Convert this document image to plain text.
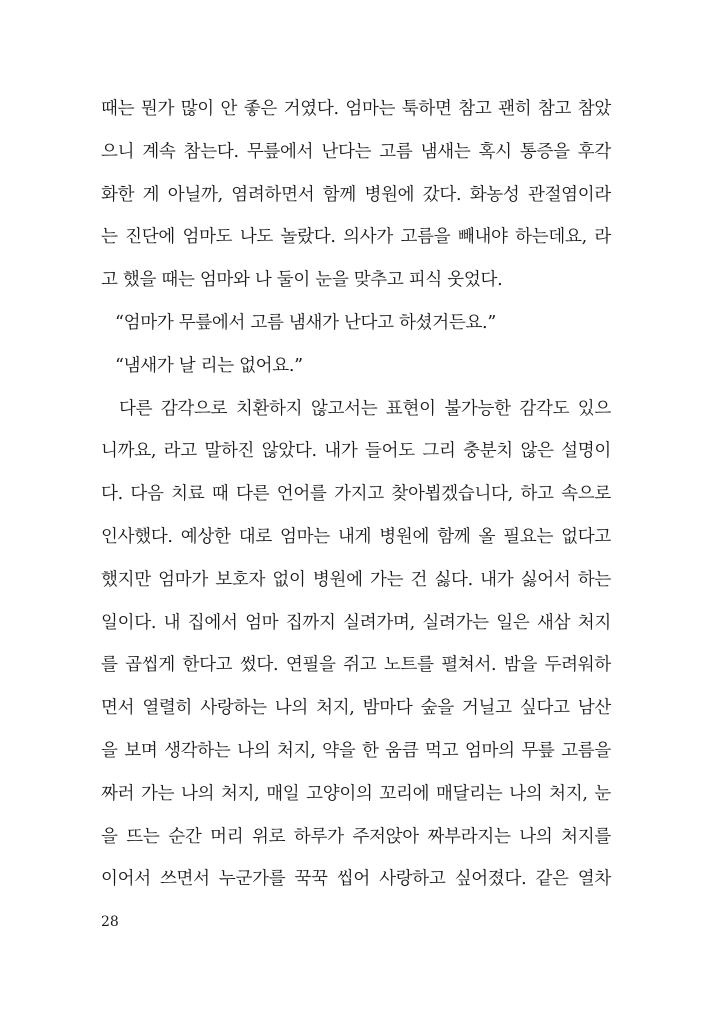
때는 뭔가 많이 안 좋은 거였다. 엄마는 툭하면 참고 괜히 참고 참았
으니 계속 참는다. 무릎에서 난다는 고름 냄새는 혹시 통증을 후각
화한 게 아닐까, 염려하면서 함께 병원에 갔다. 화농성 관절염이라
는 진단에 엄마도 나도 놀랐다. 의사가 고름을 빼내야 하는데요, 라
고 했을 때는 엄마와 나 둘이 눈을 맞추고 피식 웃었다.
“엄마가 무릎에서 고름 냄새가 난다고 하셨거든요.”
“냄새가 날 리는 없어요.”
다른 감각으로 치환하지 않고서는 표현이 불가능한 감각도 있으
니까요, 라고 말하진 않았다. 내가 들어도 그리 충분치 않은 설명이
다. 다음 치료 때 다른 언어를 가지고 찾아뵙겠습니다, 하고 속으로
인사했다. 예상한 대로 엄마는 내게 병원에 함께 올 필요는 없다고
했지만 엄마가 보호자 없이 병원에 가는 건 싫다. 내가 싫어서 하는
일이다. 내 집에서 엄마 집까지 실려가며, 실려가는 일은 새삼 처지
를 곱씹게 한다고 썼다. 연필을 쥐고 노트를 펼쳐서. 밤을 두려워하
면서 열렬히 사랑하는 나의 처지, 밤마다 숲을 거닐고 싶다고 남산
을 보며 생각하는 나의 처지, 약을 한 움큼 먹고 엄마의 무릎 고름을
짜러 가는 나의 처지, 매일 고양이의 꼬리에 매달리는 나의 처지, 눈
을 뜨는 순간 머리 위로 하루가 주저앉아 짜부라지는 나의 처지를
이어서 쓰면서 누군가를 꾹꾹 씹어 사랑하고 싶어졌다. 같은 열차
28
